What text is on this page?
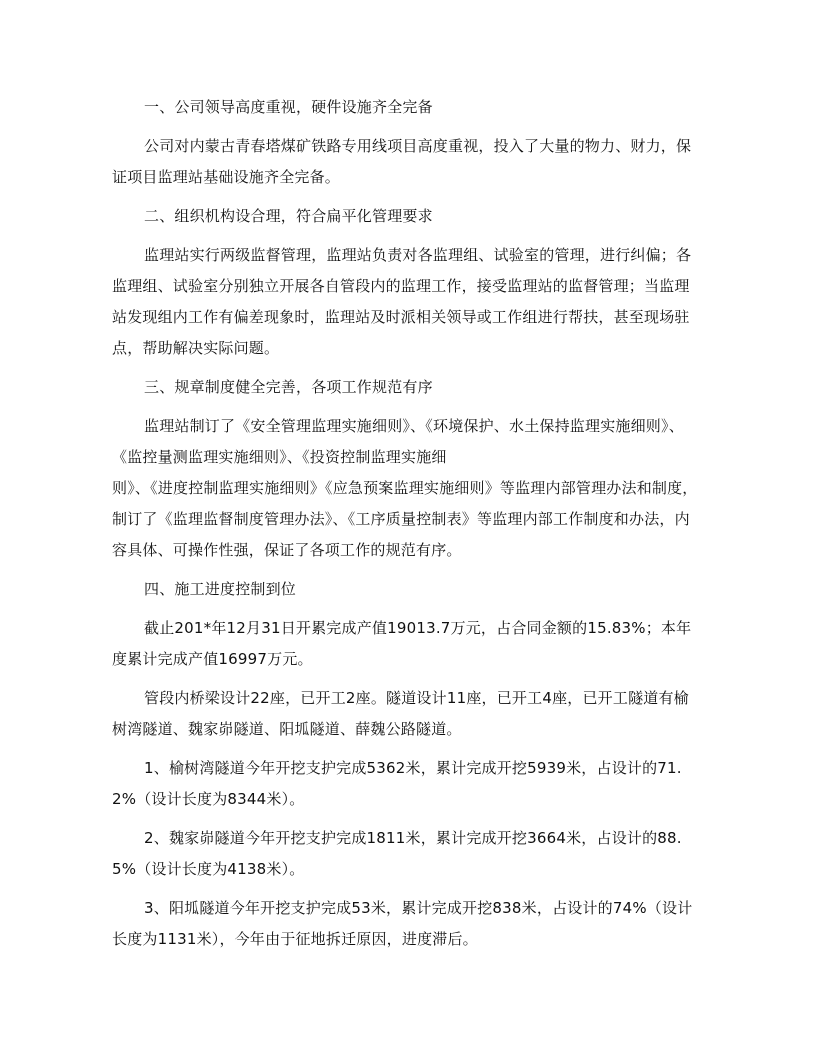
一、公司领导高度重视，硬件设施齐全完备

公司对内蒙古青春塔煤矿铁路专用线项目高度重视，投入了大量的物力、财力，保证项目监理站基础设施齐全完备。

二、组织机构设合理，符合扁平化管理要求

监理站实行两级监督管理，监理站负责对各监理组、试验室的管理，进行纠偏；各监理组、试验室分别独立开展各自管段内的监理工作，接受监理站的监督管理；当监理站发现组内工作有偏差现象时，监理站及时派相关领导或工作组进行帮扶，甚至现场驻点，帮助解决实际问题。

三、规章制度健全完善，各项工作规范有序

监理站制订了《安全管理监理实施细则》、《环境保护、水土保持监理实施细则》、《监控量测监理实施细则》、《投资控制监理实施细

则》、《进度控制监理实施细则》《应急预案监理实施细则》等监理内部管理办法和制度，制订了《监理监督制度管理办法》、《工序质量控制表》等监理内部工作制度和办法，内容具体、可操作性强，保证了各项工作的规范有序。

四、施工进度控制到位

截止201*年12月31日开累完成产值19013.7万元，占合同金额的15.83%；本年度累计完成产值16997万元。

管段内桥梁设计22座，已开工2座。隧道设计11座，已开工4座，已开工隧道有榆树湾隧道、魏家峁隧道、阳坬隧道、薛魏公路隧道。

1、榆树湾隧道今年开挖支护完成5362米，累计完成开挖5939米，占设计的71.2%（设计长度为8344米）。

2、魏家峁隧道今年开挖支护完成1811米，累计完成开挖3664米，占设计的88.5%（设计长度为4138米）。

3、阳坬隧道今年开挖支护完成53米，累计完成开挖838米，占设计的74%（设计长度为1131米），今年由于征地拆迁原因，进度滞后。
